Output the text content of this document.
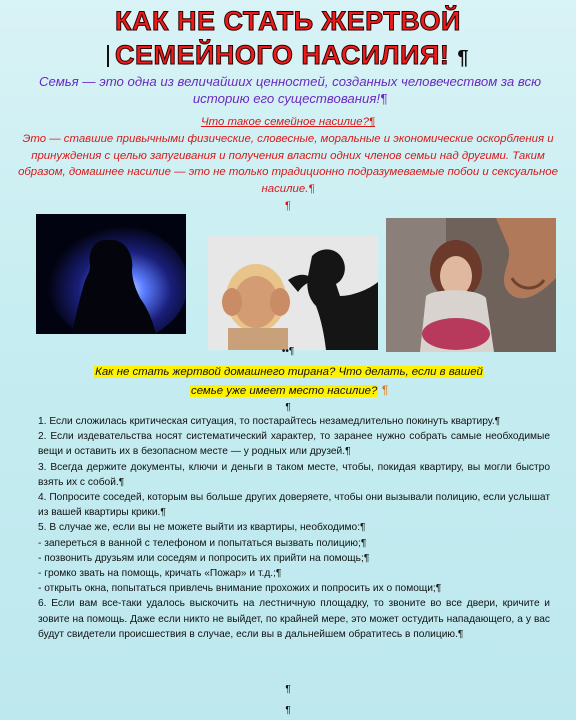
КАК НЕ СТАТЬ ЖЕРТВОЙ
СЕМЕЙНОГО НАСИЛИЯ! ¶
Семья — это одна из величайших ценностей, созданных человечеством за всю историю его существования!¶
Что такое семейное насилие?¶
Это — ставшие привычными физические, словесные, моральные и экономические оскорбления и принуждения с целью запугивания и получения власти одних членов семьи над другими. Таким образом, домашнее насилие — это не только традиционно подразумеваемые побои и сексуальное насилие.¶
¶
••¶
Как не стать жертвой домашнего тирана? Что делать, если в вашей
семье уже имеет место насилие? ¶
¶

1. Если сложилась критическая ситуация, то постарайтесь незамедлительно покинуть квартиру.¶

2. Если издевательства носят систематический характер, то заранее нужно собрать самые необходимые вещи и оставить их в безопасном месте — у родных или друзей.¶

3. Всегда держите документы, ключи и деньги в таком месте, чтобы, покидая квартиру, вы могли быстро взять их с собой.¶

4. Попросите соседей, которым вы больше других доверяете, чтобы они вызывали полицию, если услышат из вашей квартиры крики.¶

5. В случае же, если вы не можете выйти из квартиры, необходимо:¶

- запереться в ванной с телефоном и попытаться вызвать полицию;¶

- позвонить друзьям или соседям и попросить их прийти на помощь;¶

- громко звать на помощь, кричать «Пожар» и т.д.;¶

- открыть окна, попытаться привлечь внимание прохожих и попросить их о помощи;¶

6. Если вам все-таки удалось выскочить на лестничную площадку, то звоните во все двери, кричите и зовите на помощь. Даже если никто не выйдет, по крайней мере, это может остудить нападающего, а у вас будут свидетели происшествия в случае, если вы в дальнейшем обратитесь в полицию.¶

¶
¶
